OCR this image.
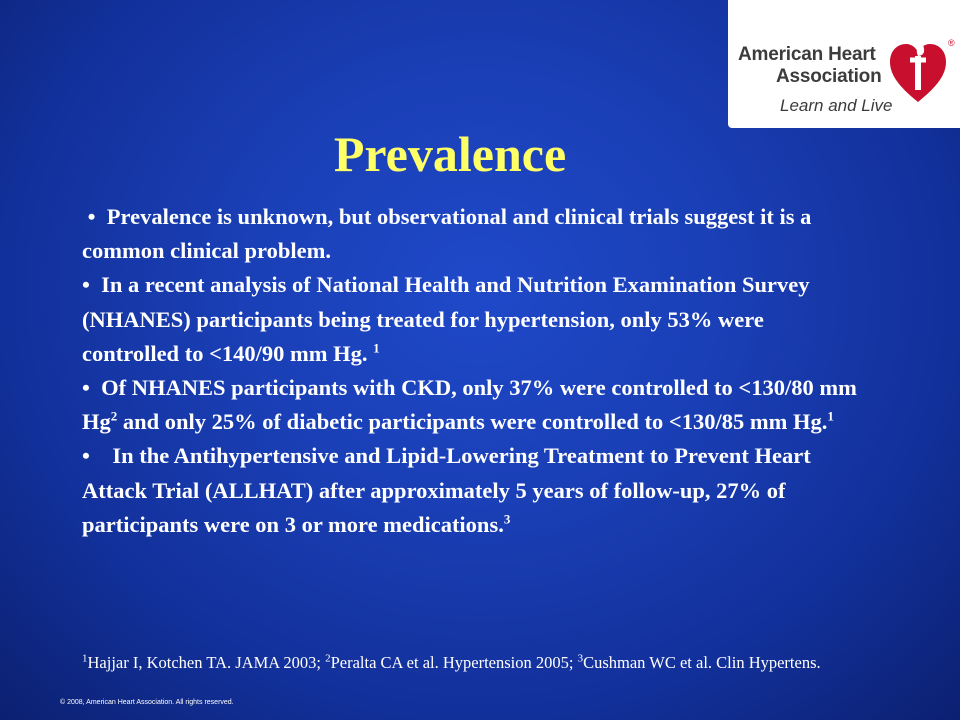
American Heart
Association
Learn and Live
®
Prevalence

• Prevalence is unknown, but observational and clinical trials suggest it is a common clinical problem.

• In a recent analysis of National Health and Nutrition Examination Survey (NHANES) participants being treated for hypertension, only 53% were controlled to <140/90 mm Hg. $^1$

• Of NHANES participants with CKD, only 37% were controlled to <130/80 mm Hg$^2$ and only 25% of diabetic participants were controlled to <130/85 mm Hg.$^1$

• In the Antihypertensive and Lipid-Lowering Treatment to Prevent Heart Attack Trial (ALLHAT) after approximately 5 years of follow-up, 27% of participants were on 3 or more medications.$^3$

$^1$Hajjar I, Kotchen TA. JAMA 2003; $^2$Peralta CA et al. Hypertension 2005; $^3$Cushman WC et al. Clin Hypertens.
© 2008, American Heart Association. All rights reserved.
